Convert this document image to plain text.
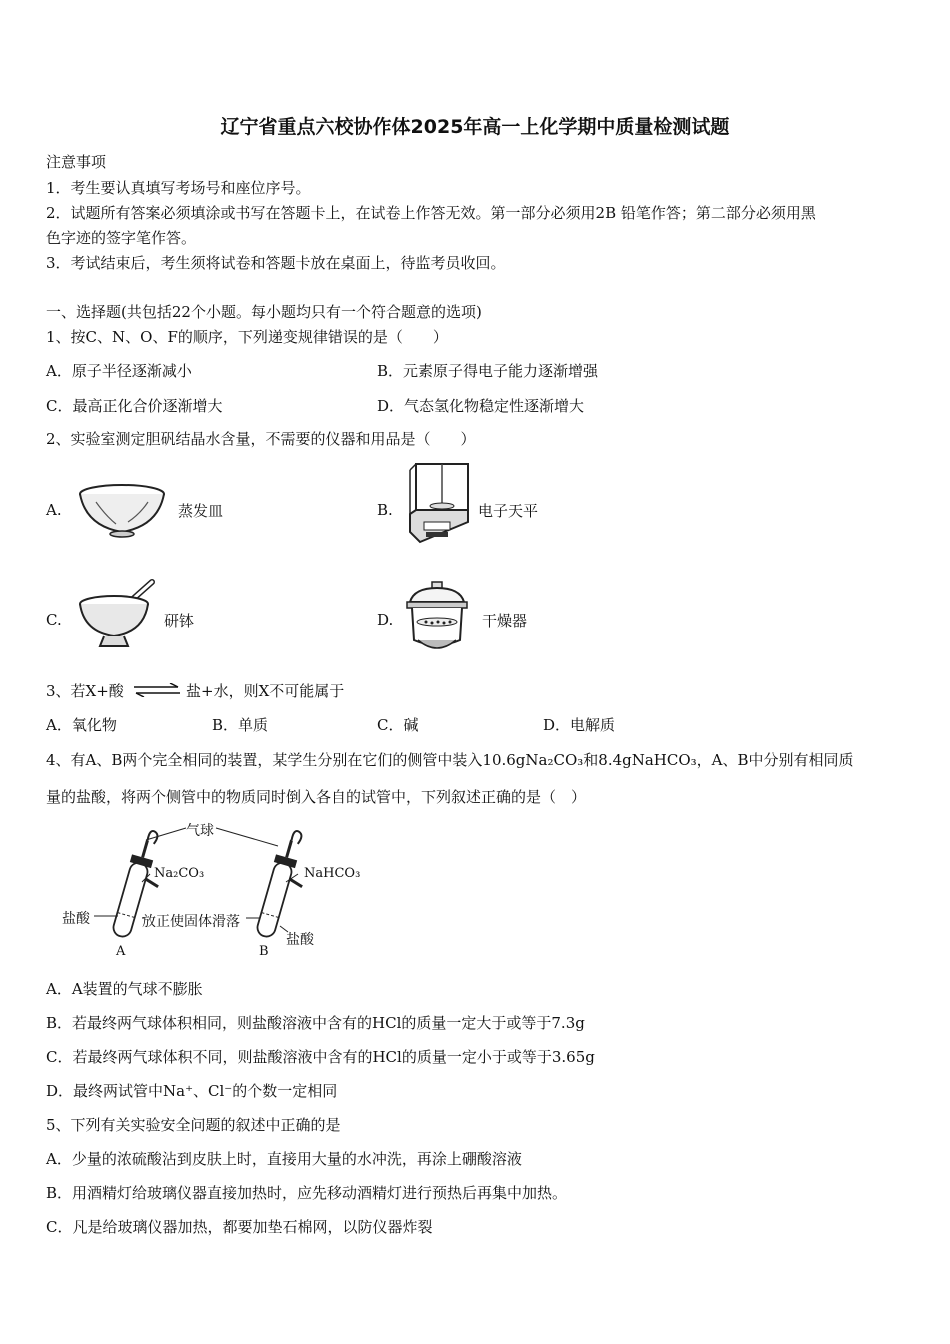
辽宁省重点六校协作体2025年高一上化学期中质量检测试题
注意事项
1．考生要认真填写考场号和座位序号。
2．试题所有答案必须填涂或书写在答题卡上，在试卷上作答无效。第一部分必须用2B 铅笔作答；第二部分必须用黑
色字迹的签字笔作答。
3．考试结束后，考生须将试卷和答题卡放在桌面上，待监考员收回。
一、选择题(共包括22个小题。每小题均只有一个符合题意的选项)
1、按C、N、O、F的顺序，下列递变规律错误的是（　　）
A．原子半径逐渐减小	B．元素原子得电子能力逐渐增强
C．最高正化合价逐渐增大	D．气态氢化物稳定性逐渐增大
2、实验室测定胆矾结晶水含量，不需要的仪器和用品是（　　）
A.	蒸发皿	B.	电子天平
C.	研钵	D.	干燥器
3、若X+酸 ⇌ 盐+水，则X不可能属于
A．氧化物	B．单质	C．碱	D．电解质
4、有A、B两个完全相同的装置，某学生分别在它们的侧管中装入10.6gNa₂CO₃和8.4gNaHCO₃，A、B中分别有相同质
量的盐酸，将两个侧管中的物质同时倒入各自的试管中，下列叙述正确的是（　）
气球
Na₂CO₃	NaHCO₃
盐酸	放正使固体滑落
盐酸
A	B
A．A装置的气球不膨胀
B．若最终两气球体积相同，则盐酸溶液中含有的HCl的质量一定大于或等于7.3g
C．若最终两气球体积不同，则盐酸溶液中含有的HCl的质量一定小于或等于3.65g
D．最终两试管中Na⁺、Cl⁻的个数一定相同
5、下列有关实验安全问题的叙述中正确的是
A．少量的浓硫酸沾到皮肤上时，直接用大量的水冲洗，再涂上硼酸溶液
B．用酒精灯给玻璃仪器直接加热时，应先移动酒精灯进行预热后再集中加热。
C．凡是给玻璃仪器加热，都要加垫石棉网，以防仪器炸裂
